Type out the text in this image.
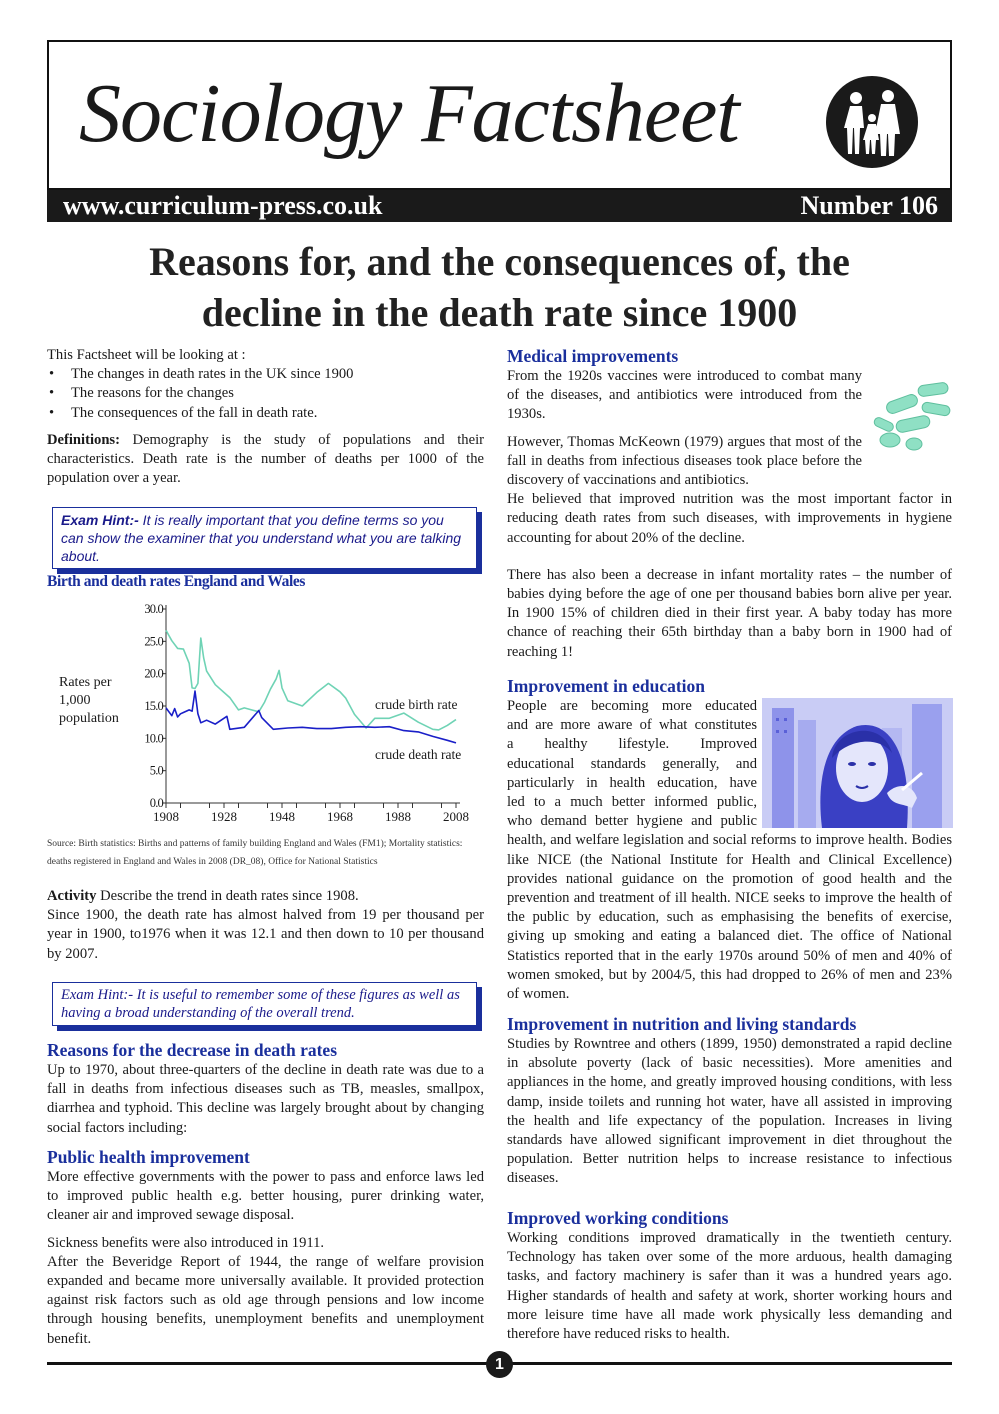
Sociology Factsheet
www.curriculum-press.co.uk	Number 106
Reasons for, and the consequences of, the
decline in the death rate since 1900
This Factsheet will be looking at :
• The changes in death rates in the UK since 1900
• The reasons for the changes
• The consequences of the fall in death rate.

Definitions: Demography is the study of populations and their characteristics. Death rate is the number of deaths per 1000 of the population over a year.

Exam Hint:- It is really important that you define terms so you can show the examiner that you understand what you are talking about.
Birth and death rates England and Wales
Rates per
1,000
population
0.0
5.0
10.0
15.0
20.0
25.0
30.0
1908 1928 1948 1968 1988 2008
crude birth rate
crude death rate
Source: Birth statistics: Births and patterns of family building England and Wales (FM1); Mortality statistics: deaths registered in England and Wales in 2008 (DR_08), Office for National Statistics

Activity Describe the trend in death rates since 1908.

Since 1900, the death rate has almost halved from 19 per thousand per year in 1900, to1976 when it was 12.1 and then down to 10 per thousand by 2007.

Exam Hint:- It is useful to remember some of these figures as well as having a broad understanding of the overall trend.
Reasons for the decrease in death rates

Up to 1970, about three-quarters of the decline in death rate was due to a fall in deaths from infectious diseases such as TB, measles, smallpox, diarrhea and typhoid. This decline was largely brought about by changing social factors including:

Public health improvement

More effective governments with the power to pass and enforce laws led to improved public health e.g. better housing, purer drinking water, cleaner air and improved sewage disposal.

Sickness benefits were also introduced in 1911.

After the Beveridge Report of 1944, the range of welfare provision expanded and became more universally available. It provided protection against risk factors such as old age through pensions and low income through housing benefits, unemployment benefits and unemployment benefit.

Medical improvements

From the 1920s vaccines were introduced to combat many of the diseases, and antibiotics were introduced from the 1930s.

However, Thomas McKeown (1979) argues that most of the fall in deaths from infectious diseases took place before the discovery of vaccinations and antibiotics.

He believed that improved nutrition was the most important factor in reducing death rates from such diseases, with improvements in hygiene accounting for about 20% of the decline.

There has also been a decrease in infant mortality rates – the number of babies dying before the age of one per thousand babies born alive per year. In 1900 15% of children died in their first year. A baby today has more chance of reaching their 65th birthday than a baby born in 1900 had of reaching 1!

Improvement in education
People are becoming more educated
and are more aware of what constitutes
a healthy lifestyle. Improved
educational standards generally, and
particularly in health education, have
led to a much better informed public,
who demand better hygiene and public

health, and welfare legislation and social reforms to improve health. Bodies like NICE (the National Institute for Health and Clinical Excellence) provides national guidance on the promotion of good health and the prevention and treatment of ill health. NICE seeks to improve the health of the public by education, such as emphasising the benefits of exercise, giving up smoking and eating a balanced diet. The office of National Statistics reported that in the early 1970s around 50% of men and 40% of women smoked, but by 2004/5, this had dropped to 26% of men and 23% of women.

Improvement in nutrition and living standards

Studies by Rowntree and others (1899, 1950) demonstrated a rapid decline in absolute poverty (lack of basic necessities). More amenities and appliances in the home, and greatly improved housing conditions, with less damp, inside toilets and running hot water, have all assisted in improving the health and life expectancy of the population. Increases in living standards have allowed significant improvement in diet throughout the population. Better nutrition helps to increase resistance to infectious diseases.

Improved working conditions

Working conditions improved dramatically in the twentieth century. Technology has taken over some of the more arduous, health damaging tasks, and factory machinery is safer than it was a hundred years ago. Higher standards of health and safety at work, shorter working hours and more leisure time have all made work physically less demanding and therefore have reduced risks to health.

1
